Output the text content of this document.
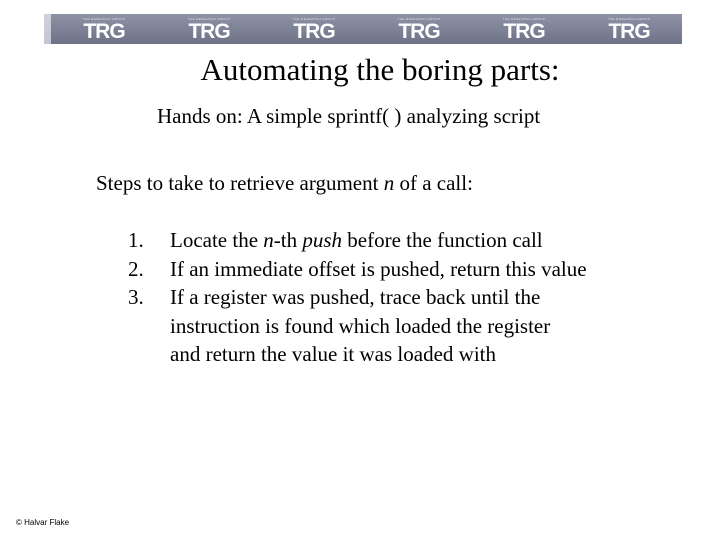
THE RESEARCH GROUP
TRG
THE RESEARCH GROUP
TRG
THE RESEARCH GROUP
TRG
THE RESEARCH GROUP
TRG
THE RESEARCH GROUP
TRG
THE RESEARCH GROUP
TRG
Automating the boring parts:

Hands on: A simple sprintf( ) analyzing script

Steps to take to retrieve argument n of a call:

1. Locate the n-th push before the function call
2. If an immediate offset is pushed, return this value
3. If a register was pushed, trace back until the
instruction is found which loaded the register
and return the value it was loaded with
© Halvar Flake
